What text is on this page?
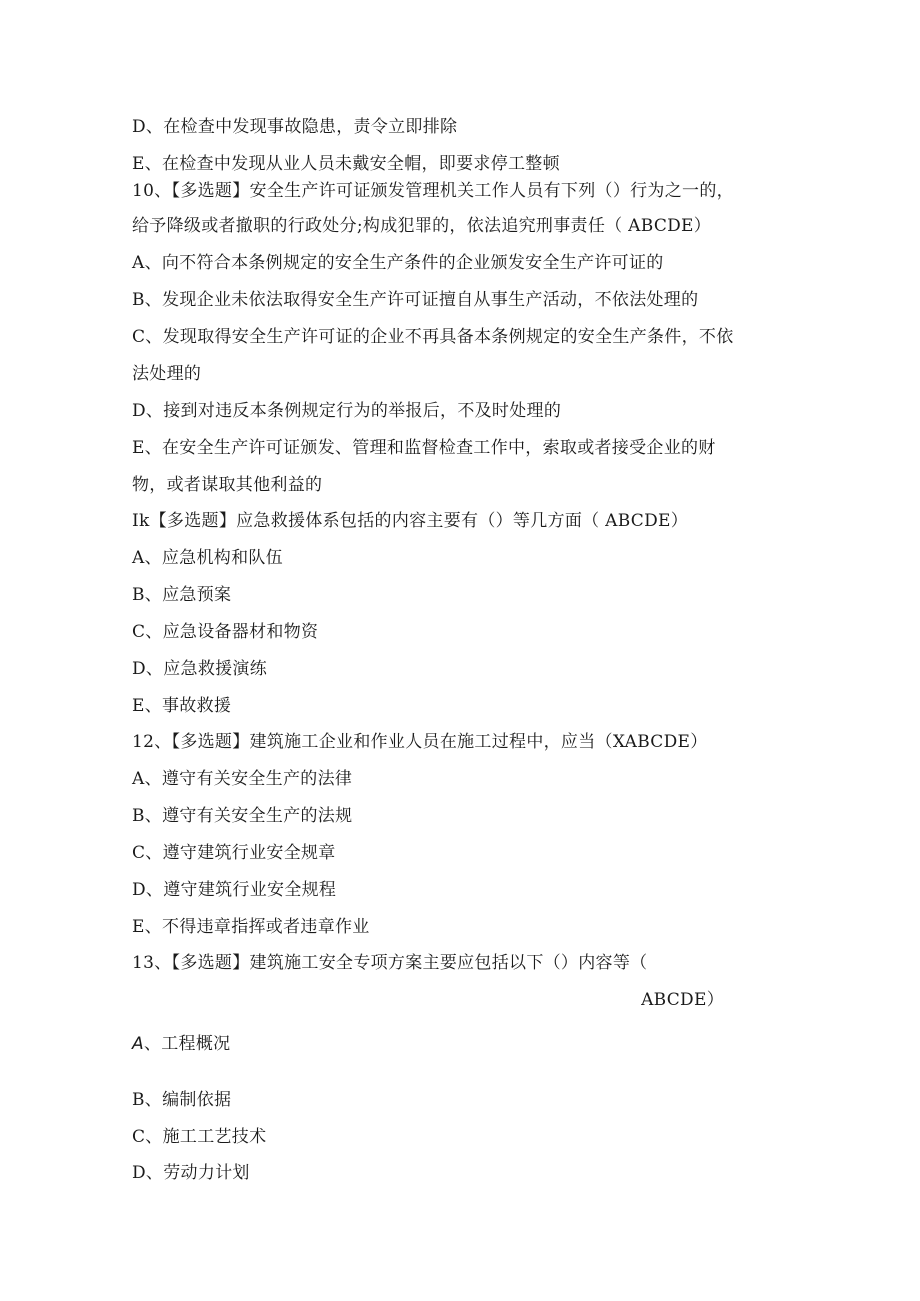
D、在检查中发现事故隐患，责令立即排除
E、在检查中发现从业人员未戴安全帽，即要求停工整顿
10、【多选题】安全生产许可证颁发管理机关工作人员有下列（）行为之一的，
给予降级或者撤职的行政处分;构成犯罪的，依法追究刑事责任（ ABCDE）
A、向不符合本条例规定的安全生产条件的企业颁发安全生产许可证的
B、发现企业未依法取得安全生产许可证擅自从事生产活动，不依法处理的
C、发现取得安全生产许可证的企业不再具备本条例规定的安全生产条件，不依
法处理的
D、接到对违反本条例规定行为的举报后，不及时处理的
E、在安全生产许可证颁发、管理和监督检查工作中，索取或者接受企业的财
物，或者谋取其他利益的
Ik【多选题】应急救援体系包括的内容主要有（）等几方面（ ABCDE）
A、应急机构和队伍
B、应急预案
C、应急设备器材和物资
D、应急救援演练
E、事故救援
12、【多选题】建筑施工企业和作业人员在施工过程中，应当（XABCDE）
A、遵守有关安全生产的法律
B、遵守有关安全生产的法规
C、遵守建筑行业安全规章
D、遵守建筑行业安全规程
E、不得违章指挥或者违章作业
13、【多选题】建筑施工安全专项方案主要应包括以下（）内容等（
ABCDE）
A、工程概况
B、编制依据
C、施工工艺技术
D、劳动力计划
